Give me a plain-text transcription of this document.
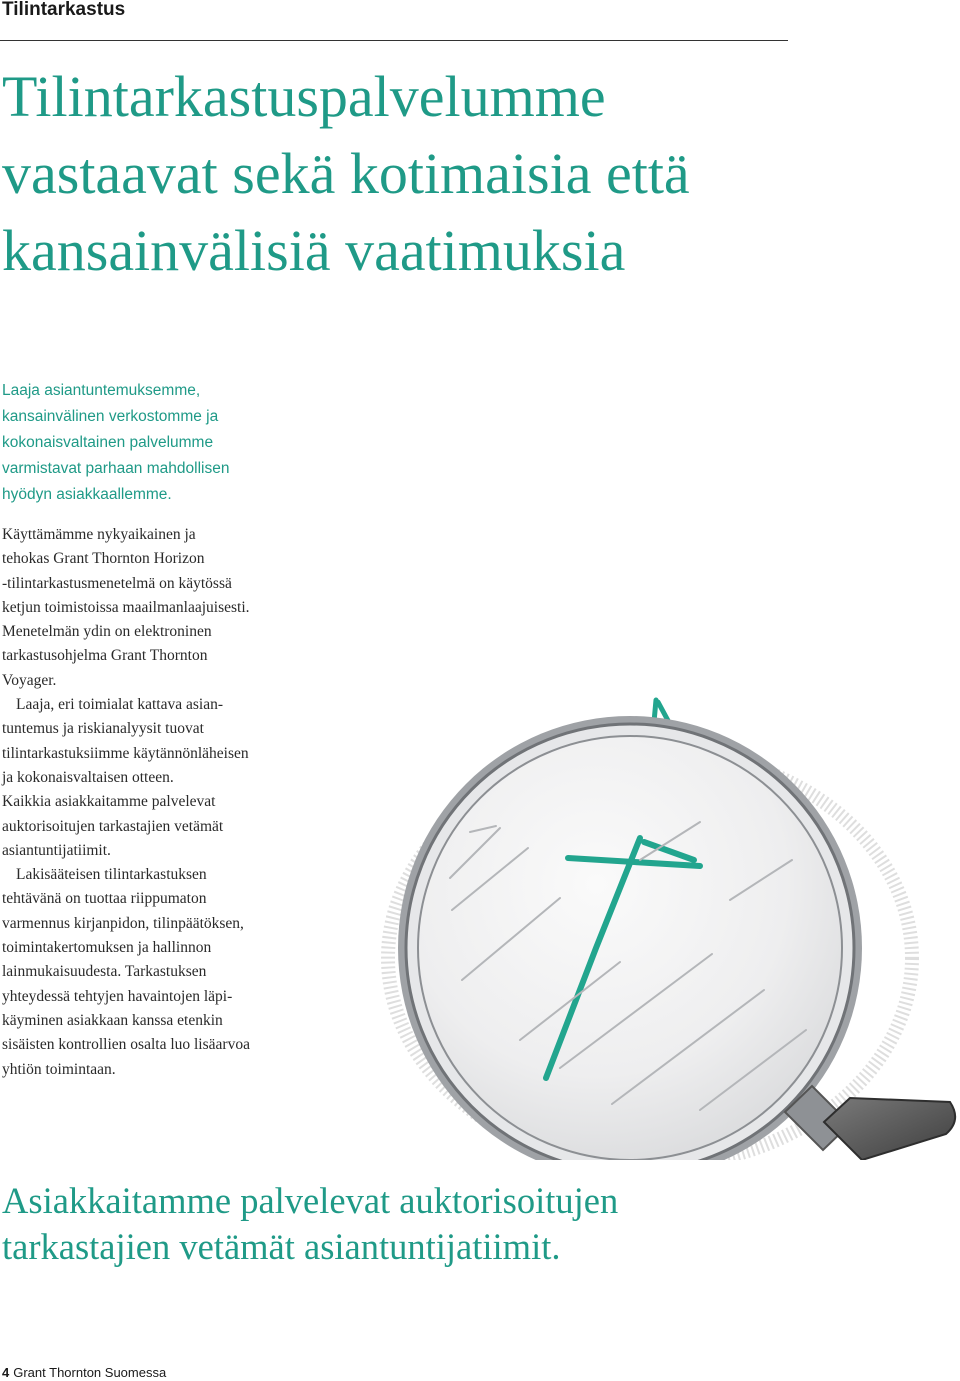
Tilintarkastus
Tilintarkastuspalvelumme
vastaavat sekä kotimaisia että
kansainvälisiä vaatimuksia

Laaja asiantuntemuksemme,
kansainvälinen verkostomme ja
kokonaisvaltainen palvelumme
varmistavat parhaan mahdollisen
hyödyn asiakkaallemme.

Käyttämämme nykyaikainen ja
tehokas Grant Thornton Horizon
-tilintarkastusmenetelmä on käytössä
ketjun toimistoissa maailmanlaajuisesti.
Menetelmän ydin on elektroninen
tarkastusohjelma Grant Thornton
Voyager.
Laaja, eri toimialat kattava asian-
tuntemus ja riskianalyysit tuovat
tilintarkastuksiimme käytännönläheisen
ja kokonaisvaltaisen otteen.
Kaikkia asiakkaitamme palvelevat
auktorisoitujen tarkastajien vetämät
asiantuntijatiimit.
Lakisääteisen tilintarkastuksen
tehtävänä on tuottaa riippumaton
varmennus kirjanpidon, tilinpäätöksen,
toimintakertomuksen ja hallinnon
lainmukaisuudesta. Tarkastuksen
yhteydessä tehtyjen havaintojen läpi-
käyminen asiakkaan kanssa etenkin
sisäisten kontrollien osalta luo lisäarvoa
yhtiön toimintaan.
Asiakkaitamme palvelevat auktorisoitujen
tarkastajien vetämät asiantuntijatiimit.
4 Grant Thornton Suomessa
